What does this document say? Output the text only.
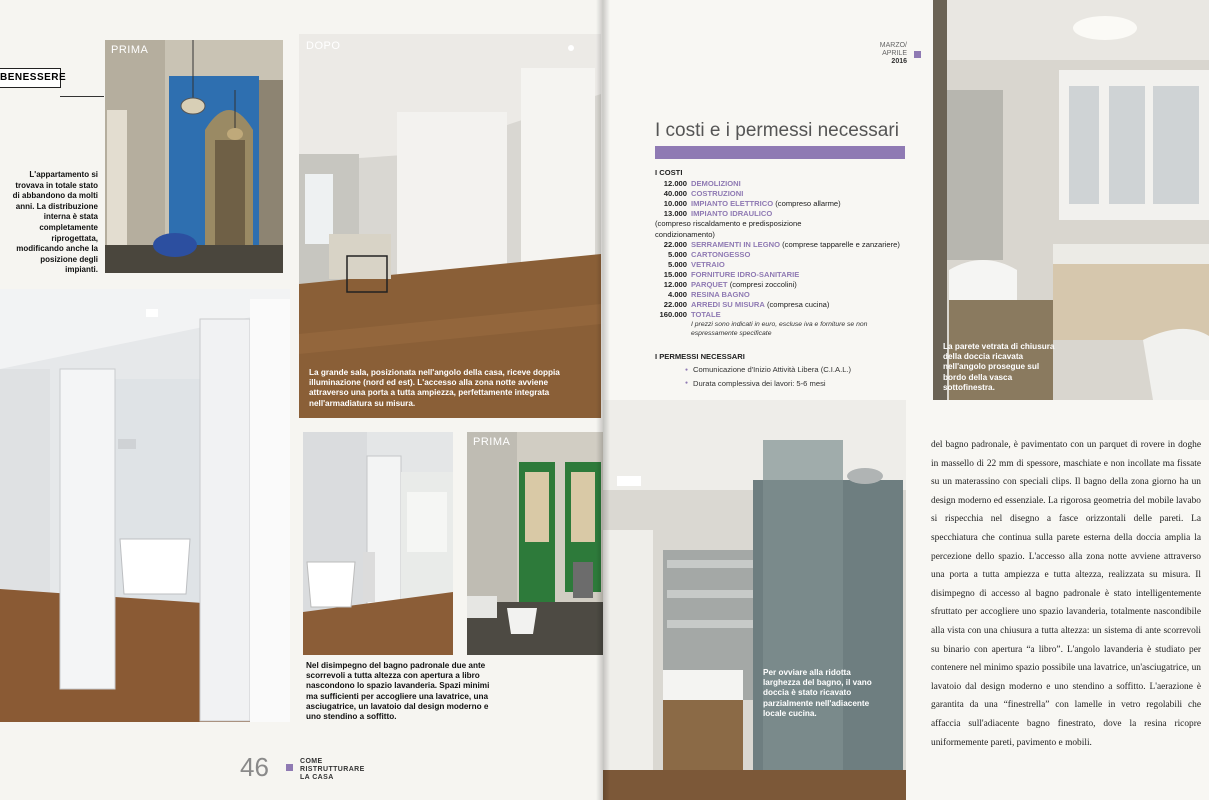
BENESSERE
L'appartamento si trovava in totale stato di abbandono da molti anni. La distribuzione interna è stata completamente riprogettata, modificando anche la posizione degli impianti.
PRIMA	DOPO
La grande sala, posizionata nell'angolo della casa, riceve doppia illuminazione (nord ed est). L'accesso alla zona notte avviene attraverso una porta a tutta ampiezza, perfettamente integrata nell'armadiatura su misura.
PRIMA
Nel disimpegno del bagno padronale due ante scorrevoli a tutta altezza con apertura a libro nascondono lo spazio lavanderia. Spazi minimi ma sufficienti per accogliere una lavatrice, una asciugatrice, un lavatoio dal design moderno e uno stendino a soffitto.
46	COME
RISTRUTTURARE
LA CASA
MARZO/
APRILE
2016
I costi e i permessi necessari
I COSTI
12.000 DEMOLIZIONI
40.000 COSTRUZIONI
10.000 IMPIANTO ELETTRICO (compreso allarme)
13.000 IMPIANTO IDRAULICO
(compreso riscaldamento e predisposizione
condizionamento)
22.000 SERRAMENTI IN LEGNO (comprese tapparelle e zanzariere)
5.000 CARTONGESSO
5.000 VETRAIO
15.000 FORNITURE IDRO-SANITARIE
12.000 PARQUET (compresi zoccolini)
4.000 RESINA BAGNO
22.000 ARREDI SU MISURA (compresa cucina)
160.000 TOTALE
I prezzi sono indicati in euro, escluse iva e forniture se non
espressamente specificate
I PERMESSI NECESSARI
● Comunicazione d'Inizio Attività Libera (C.I.A.L.)
● Durata complessiva dei lavori: 5-6 mesi
La parete vetrata di chiusura della doccia ricavata nell'angolo prosegue sul bordo della vasca sottofinestra.
Per ovviare alla ridotta larghezza del bagno, il vano doccia è stato ricavato parzialmente nell'adiacente locale cucina.
del bagno padronale, è pavimentato con un parquet di rovere in doghe in massello di 22 mm di spessore, maschiate e non incollate ma fissate su un materassino con speciali clips. Il bagno della zona giorno ha un design moderno ed essenziale. La rigorosa geometria del mobile lavabo si rispecchia nel disegno a fasce orizzontali delle pareti. La specchiatura che continua sulla parete esterna della doccia amplia la percezione dello spazio. L'accesso alla zona notte avviene attraverso una porta a tutta ampiezza e tutta altezza, realizzata su misura. Il disimpegno di accesso al bagno padronale è stato intelligentemente sfruttato per accogliere uno spazio lavanderia, totalmente nascondibile alla vista con una chiusura a tutta altezza: un sistema di ante scorrevoli su binario con apertura “a libro”. L'angolo lavanderia è studiato per contenere nel minimo spazio possibile una lavatrice, un'asciugatrice, un lavatoio dal design moderno e uno stendino a soffitto. L'aerazione è garantita da una “finestrella” con lamelle in vetro regolabili che affaccia sull'adiacente bagno finestrato, dove la resina ricopre uniformemente pareti, pavimento e mobili.
